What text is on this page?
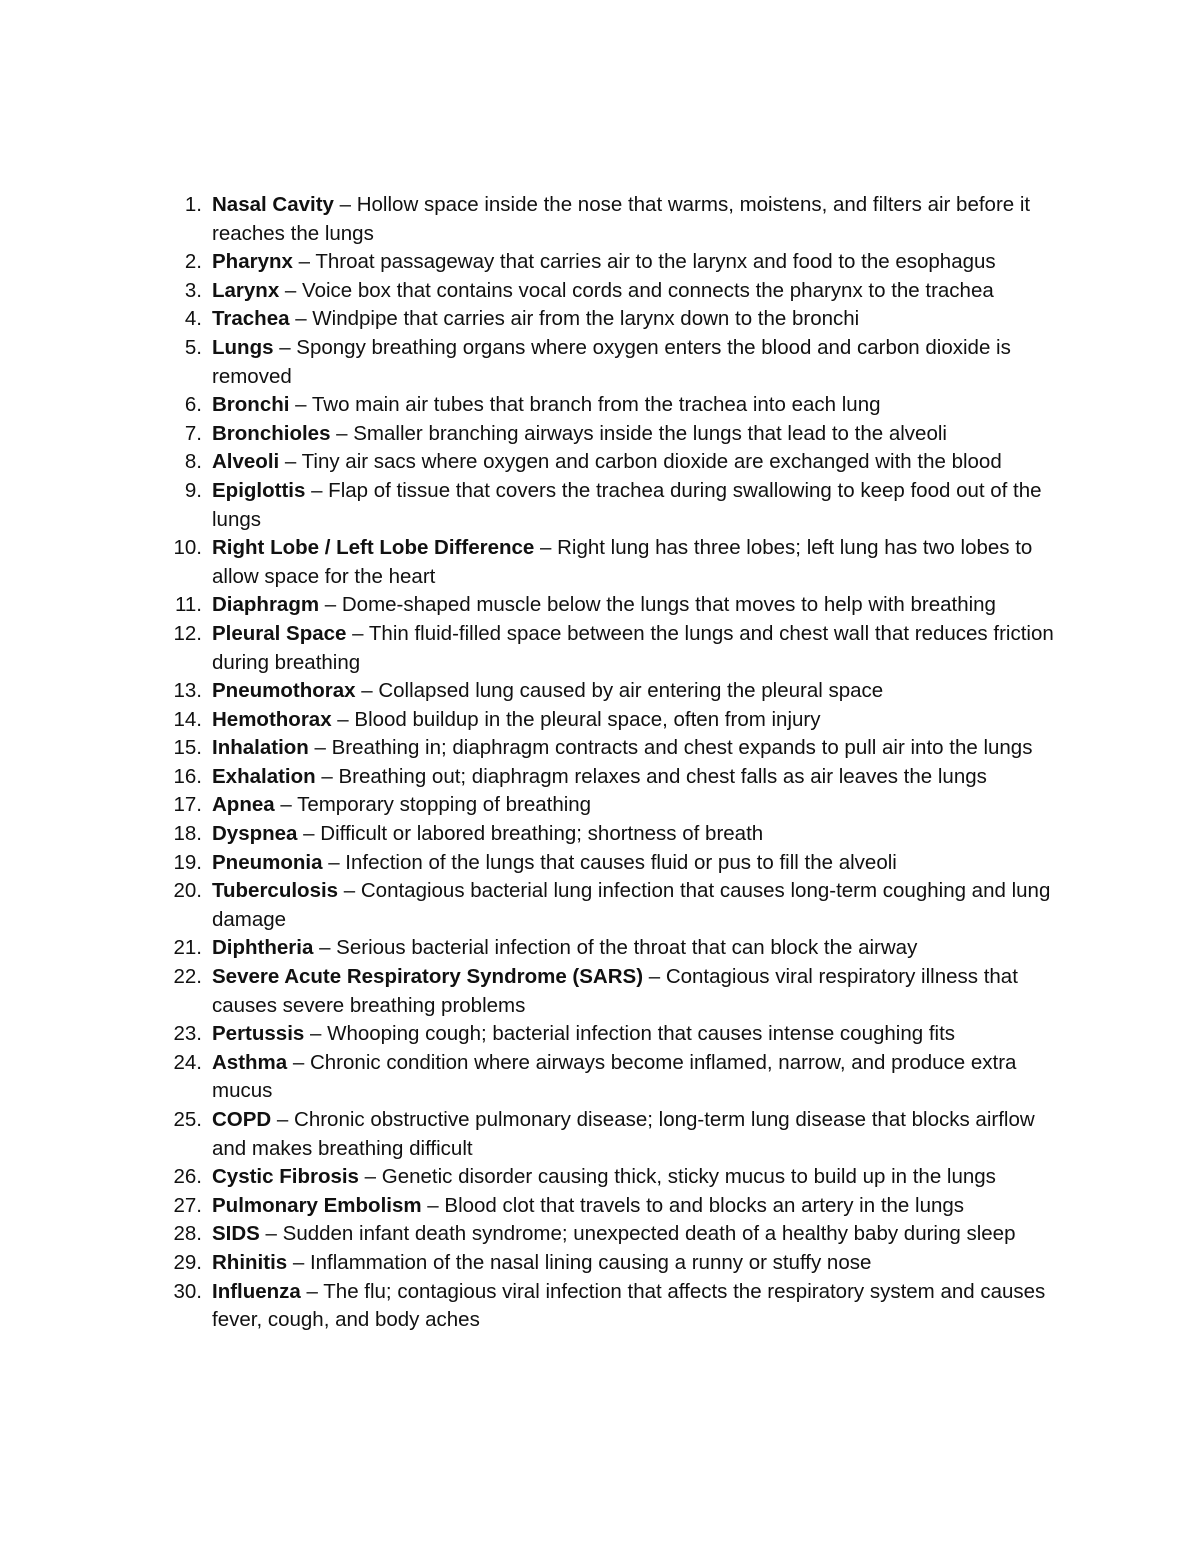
1. Nasal Cavity – Hollow space inside the nose that warms, moistens, and filters air before it reaches the lungs
2. Pharynx – Throat passageway that carries air to the larynx and food to the esophagus
3. Larynx – Voice box that contains vocal cords and connects the pharynx to the trachea
4. Trachea – Windpipe that carries air from the larynx down to the bronchi
5. Lungs – Spongy breathing organs where oxygen enters the blood and carbon dioxide is removed
6. Bronchi – Two main air tubes that branch from the trachea into each lung
7. Bronchioles – Smaller branching airways inside the lungs that lead to the alveoli
8. Alveoli – Tiny air sacs where oxygen and carbon dioxide are exchanged with the blood
9. Epiglottis – Flap of tissue that covers the trachea during swallowing to keep food out of the lungs
10. Right Lobe / Left Lobe Difference – Right lung has three lobes; left lung has two lobes to allow space for the heart
11. Diaphragm – Dome-shaped muscle below the lungs that moves to help with breathing
12. Pleural Space – Thin fluid-filled space between the lungs and chest wall that reduces friction during breathing
13. Pneumothorax – Collapsed lung caused by air entering the pleural space
14. Hemothorax – Blood buildup in the pleural space, often from injury
15. Inhalation – Breathing in; diaphragm contracts and chest expands to pull air into the lungs
16. Exhalation – Breathing out; diaphragm relaxes and chest falls as air leaves the lungs
17. Apnea – Temporary stopping of breathing
18. Dyspnea – Difficult or labored breathing; shortness of breath
19. Pneumonia – Infection of the lungs that causes fluid or pus to fill the alveoli
20. Tuberculosis – Contagious bacterial lung infection that causes long-term coughing and lung damage
21. Diphtheria – Serious bacterial infection of the throat that can block the airway
22. Severe Acute Respiratory Syndrome (SARS) – Contagious viral respiratory illness that causes severe breathing problems
23. Pertussis – Whooping cough; bacterial infection that causes intense coughing fits
24. Asthma – Chronic condition where airways become inflamed, narrow, and produce extra mucus
25. COPD – Chronic obstructive pulmonary disease; long-term lung disease that blocks airflow and makes breathing difficult
26. Cystic Fibrosis – Genetic disorder causing thick, sticky mucus to build up in the lungs
27. Pulmonary Embolism – Blood clot that travels to and blocks an artery in the lungs
28. SIDS – Sudden infant death syndrome; unexpected death of a healthy baby during sleep
29. Rhinitis – Inflammation of the nasal lining causing a runny or stuffy nose
30. Influenza – The flu; contagious viral infection that affects the respiratory system and causes fever, cough, and body aches
